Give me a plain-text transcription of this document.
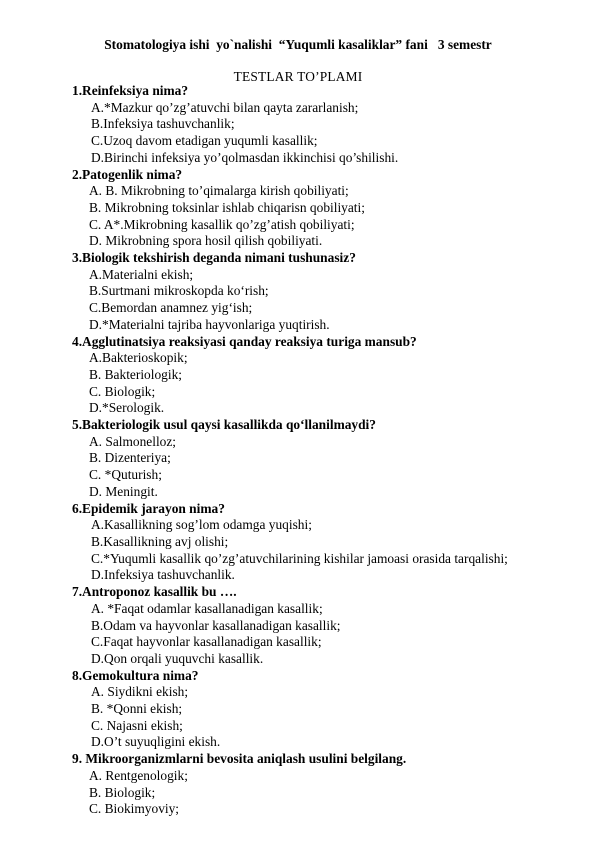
Stomatologiya ishi  yo`nalishi  “Yuqumli kasaliklar” fani   3 semestr
TESTLAR TO’PLAMI
1.Reinfeksiya nima?
A.*Mazkur qo’zg’atuvchi bilan qayta zararlanish;
B.Infeksiya tashuvchanlik;
C.Uzoq davom etadigan yuqumli kasallik;
D.Birinchi infeksiya yo’qolmasdan ikkinchisi qo’shilishi.
2.Patogenlik nima?
A. B. Mikrobning to’qimalarga kirish qobiliyati;
B. Mikrobning toksinlar ishlab chiqarisn qobiliyati;
C. A*.Mikrobning kasallik qo’zg’atish qobiliyati;
D. Mikrobning spora hosil qilish qobiliyati.
3.Biologik tekshirish deganda nimani tushunasiz?
A.Materialni ekish;
B.Surtmani mikroskopda ko‘rish;
C.Bemordan anamnez yig‘ish;
D.*Materialni tajriba hayvonlariga yuqtirish.
4.Agglutinatsiya reaksiyasi qanday reaksiya turiga mansub?
A.Bakterioskopik;
B. Bakteriologik;
C. Biologik;
D.*Serologik.
5.Bakteriologik usul qaysi kasallikda qo‘llanilmaydi?
A. Salmonelloz;
B. Dizenteriya;
C. *Quturish;
D. Meningit.
6.Epidemik jarayon nima?
A.Kasallikning sog’lom odamga yuqishi;
B.Kasallikning avj olishi;
C.*Yuqumli kasallik qo’zg’atuvchilarining kishilar jamoasi orasida tarqalishi;
D.Infeksiya tashuvchanlik.
7.Antroponoz kasallik bu ….
A. *Faqat odamlar kasallanadigan kasallik;
B.Odam va hayvonlar kasallanadigan kasallik;
C.Faqat hayvonlar kasallanadigan kasallik;
D.Qon orqali yuquvchi kasallik.
8.Gemokultura nima?
A. Siydikni ekish;
B. *Qonni ekish;
C. Najasni ekish;
D.O’t suyuqligini ekish.
9. Mikroorganizmlarni bevosita aniqlash usulini belgilang.
A. Rentgenologik;
B. Biologik;
C. Biokimyoviy;
